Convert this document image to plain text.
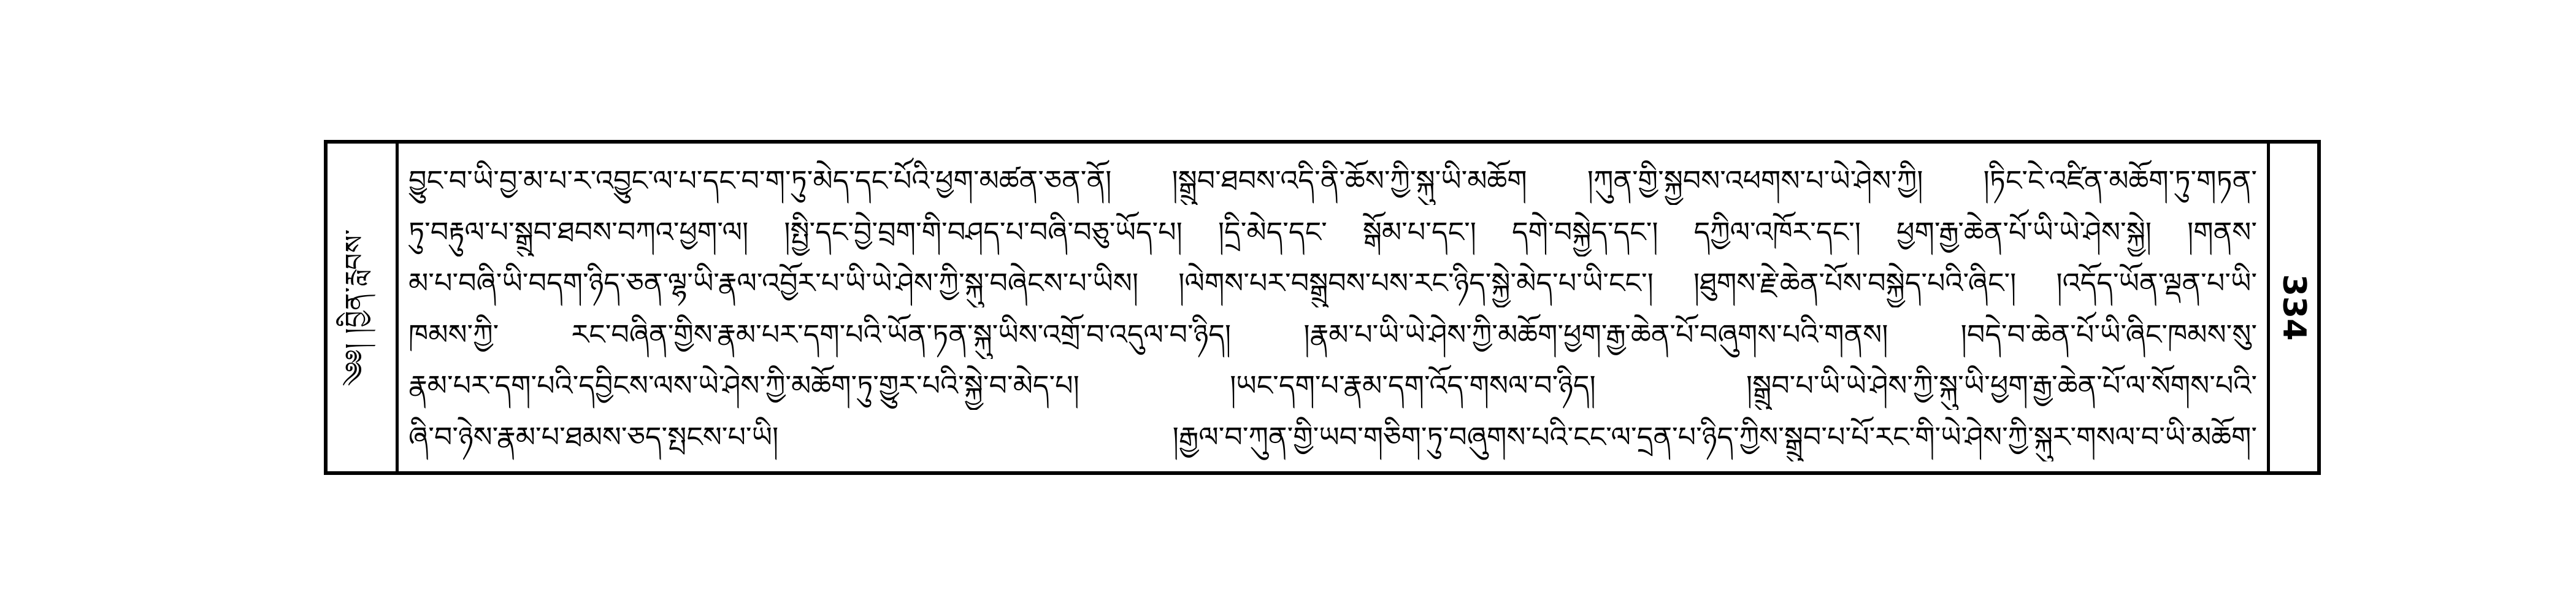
༄༅། །བྱིན་རླབས་
བྱུང་བ་ཡི་བྱ་མ་པ་ར་འབྱུང་ལ་པ་དང་བ་ག་ཏུ་མེད་དང་པོའི་ཕྱག་མཚན་ཅན་ནོ། །སྒྲུབ་ཐབས་འདི་ནི་ཆོས་ཀྱི་སྐུ་ཡི་མཆོག །ཀུན་གྱི་སྐྱབས་འཕགས་པ་ཡེ་ཤེས་ཀྱི། །ཏིང་ངེ་འཛིན་མཆོག་ཏུ་གཏན་
ཏུ་བརྟུལ་པ་སྒྲུབ་ཐབས་བཀའ་ཕྱག་ལ། །སྤྱི་དང་བྱེ་བྲག་གི་བཤད་པ་བཞི་བཅུ་ཡོད་པ། །དྲི་མེད་དང་ སྒོམ་པ་དང་། དགེ་བསྐྱེད་དང་། དཀྱིལ་འཁོར་དང་། ཕྱག་རྒྱ་ཆེན་པོ་ཡི་ཡེ་ཤེས་སྐྱེ། །གནས་
མ་པ་བཞི་ཡི་བདག་ཉིད་ཅན་ལྷ་ཡི་རྣལ་འབྱོར་པ་ཡི་ཡེ་ཤེས་ཀྱི་སྐུ་བཞེངས་པ་ཡིས། །ལེགས་པར་བསྒྲུབས་པས་རང་ཉིད་སྐྱེ་མེད་པ་ཡི་ངང་། །ཐུགས་རྗེ་ཆེན་པོས་བསྐྱེད་པའི་ཞིང་། །འདོད་ཡོན་ལྡན་པ་ཡི་
ཁམས་ཀྱི་ རང་བཞིན་གྱིས་རྣམ་པར་དག་པའི་ཡོན་ཏན་སྐུ་ཡིས་འགྲོ་བ་འདུལ་བ་ཉིད། །རྣམ་པ་ཡི་ཡེ་ཤེས་ཀྱི་མཆོག་ཕྱག་རྒྱ་ཆེན་པོ་བཞུགས་པའི་གནས། །བདེ་བ་ཆེན་པོ་ཡི་ཞིང་ཁམས་སུ་
རྣམ་པར་དག་པའི་དབྱིངས་ལས་ཡེ་ཤེས་ཀྱི་མཆོག་ཏུ་གྱུར་པའི་སྐྱེ་བ་མེད་པ། །ཡང་དག་པ་རྣམ་དག་འོད་གསལ་བ་ཉིད། །སྒྲུབ་པ་ཡི་ཡེ་ཤེས་ཀྱི་སྐུ་ཡི་ཕྱག་རྒྱ་ཆེན་པོ་ལ་སོགས་པའི་
ཞི་བ་ཉེས་རྣམ་པ་ཐམས་ཅད་སྤངས་པ་ཡི། །རྒྱལ་བ་ཀུན་གྱི་ཡབ་གཅིག་ཏུ་བཞུགས་པའི་ངང་ལ་དྲན་པ་ཉིད་ཀྱིས་སྒྲུབ་པ་པོ་རང་གི་ཡེ་ཤེས་ཀྱི་སྐུར་གསལ་བ་ཡི་མཆོག་
334
